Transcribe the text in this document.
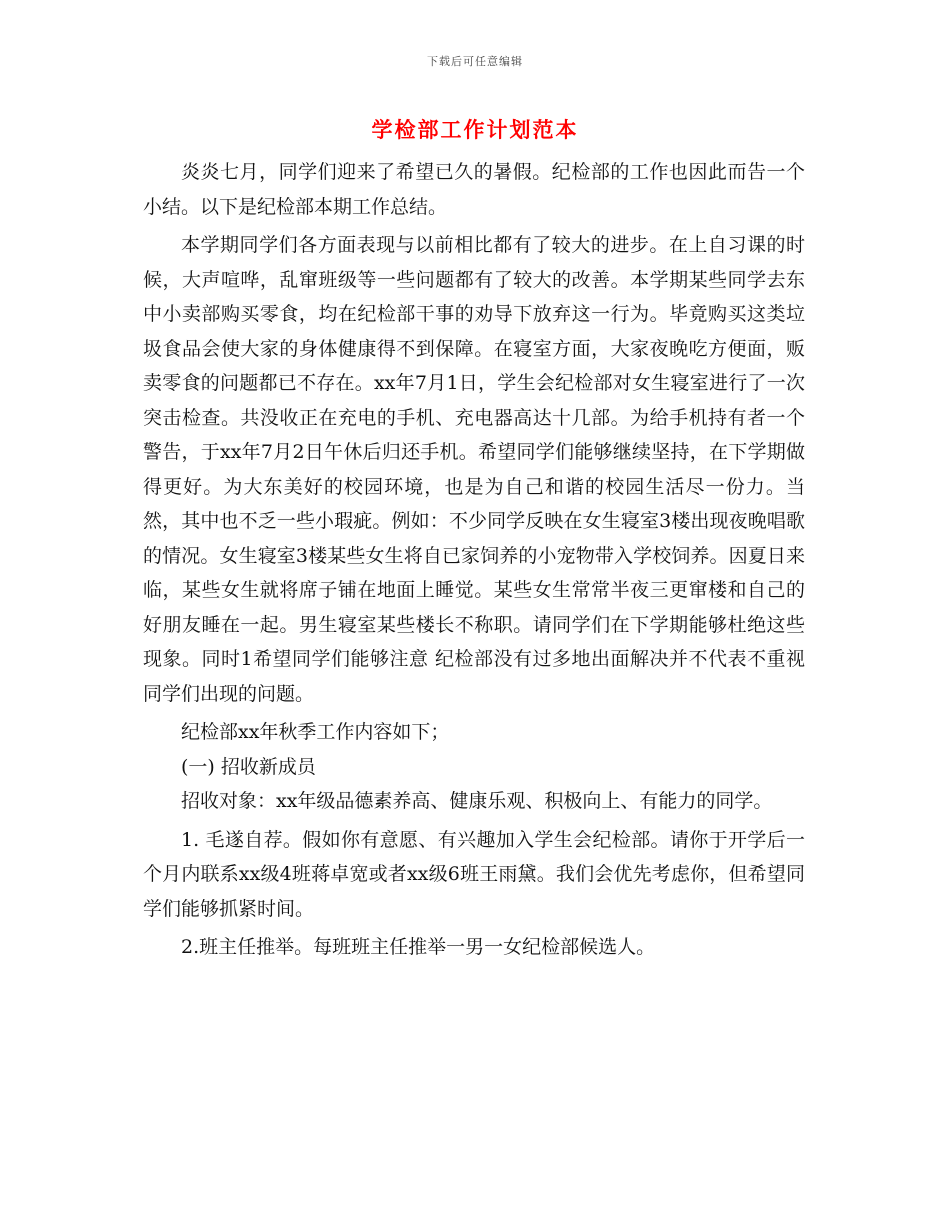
下载后可任意编辑
学检部工作计划范本

炎炎七月，同学们迎来了希望已久的暑假。纪检部的工作也因此而告一个小结。以下是纪检部本期工作总结。

本学期同学们各方面表现与以前相比都有了较大的进步。在上自习课的时候，大声喧哗，乱窜班级等一些问题都有了较大的改善。本学期某些同学去东中小卖部购买零食，均在纪检部干事的劝导下放弃这一行为。毕竟购买这类垃圾食品会使大家的身体健康得不到保障。在寝室方面，大家夜晚吃方便面，贩卖零食的问题都已不存在。xx年7月1日，学生会纪检部对女生寝室进行了一次突击检查。共没收正在充电的手机、充电器高达十几部。为给手机持有者一个警告，于xx年7月2日午休后归还手机。希望同学们能够继续坚持，在下学期做得更好。为大东美好的校园环境，也是为自己和谐的校园生活尽一份力。当然，其中也不乏一些小瑕疵。例如：不少同学反映在女生寝室3楼出现夜晚唱歌的情况。女生寝室3楼某些女生将自已家饲养的小宠物带入学校饲养。因夏日来临，某些女生就将席子铺在地面上睡觉。某些女生常常半夜三更窜楼和自己的好朋友睡在一起。男生寝室某些楼长不称职。请同学们在下学期能够杜绝这些现象。同时1希望同学们能够注意 纪检部没有过多地出面解决并不代表不重视同学们出现的问题。

纪检部xx年秋季工作内容如下；

(一) 招收新成员

招收对象：xx年级品德素养高、健康乐观、积极向上、有能力的同学。

1. 毛遂自荐。假如你有意愿、有兴趣加入学生会纪检部。请你于开学后一个月内联系xx级4班蒋卓宽或者xx级6班王雨黛。我们会优先考虑你，但希望同学们能够抓紧时间。

2.班主任推举。每班班主任推举一男一女纪检部候选人。
